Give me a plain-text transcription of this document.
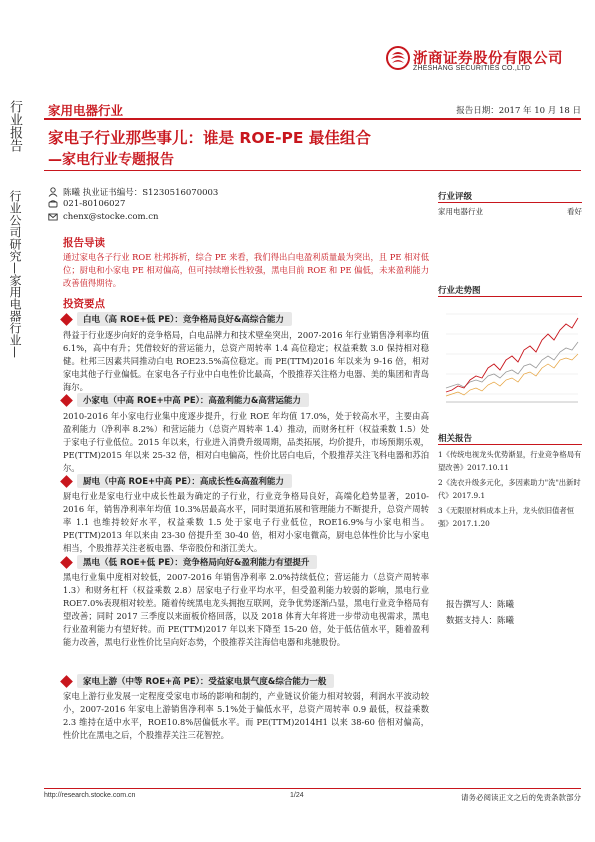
浙商证券股份有限公司
ZHESHANG SECURITIES CO.,LTD
行业报告
行业公司研究—家用电器行业—
家用电器行业	报告日期：2017 年 10 月 18 日
家电子行业那些事儿：谁是 ROE-PE 最佳组合
—家电行业专题报告
陈曦 执业证书编号：S1230516070003
021-80106027
chenx@stocke.com.cn
行业评级
家用电器行业	看好
行业走势图
相关报告
1《传统电视龙头优势渐显，行业竞争格局有望改善》2017.10.11
2《洗衣升级多元化，多因素助力"洗"出新时代》2017.9.1
3《无限原材料成本上升，龙头依旧值者恒强》2017.1.20
报告撰写人：陈曦
数据支持人：陈曦
报告导读
通过家电各子行业 ROE 杜邦拆析，综合 PE 来看，我们得出白电盈利质量最为突出，且 PE 相对低位；厨电和小家电 PE 相对偏高，但可持续增长性较强，黑电目前 ROE 和 PE 偏低，未来盈利能力改善值得期待。
投资要点
白电（高 ROE+低 PE）：竞争格局良好&高综合能力
得益于行业逐步向好的竞争格局，白电品牌力和技术壁垒突出，2007-2016 年行业销售净利率均值 6.1%，高中有升；凭借较好的营运能力，总资产周转率 1.4 高位稳定；权益乘数 3.0 保持相对稳健。杜邦三因素共同推动白电 ROE23.5%高位稳定。而 PE(TTM)2016 年以来为 9-16 倍，相对家电其他子行业偏低。在家电各子行业中白电性价比最高，个股推荐关注格力电器、美的集团和青岛海尔。
小家电（中高 ROE+中高 PE）：高盈利能力&高营运能力
2010-2016 年小家电行业集中度逐步提升，行业 ROE 年均值 17.0%，处于较高水平，主要由高盈利能力（净利率 8.2%）和营运能力（总资产周转率 1.4）推动，而财务杠杆（权益乘数 1.5）处于家电子行业低位。2015 年以来，行业进入消费升级周期，品类拓展，均价提升，市场预期乐观，PE(TTM)2015 年以来 25-32 倍，相对白电偏高，性价比居白电后，个股推荐关注飞科电器和苏泊尔。
厨电（中高 ROE+中高 PE）：高成长性&高盈利能力
厨电行业是家电行业中成长性最为确定的子行业，行业竞争格局良好，高端化趋势显著，2010-2016 年，销售净利率年均值 10.3%居最高水平，同时渠道拓展和管理能力不断提升，总资产周转率 1.1 也维持较好水平，权益乘数 1.5 处于家电子行业低位，ROE16.9%与小家电相当。PE(TTM)2013 年以来由 23-30 倍提升至 30-40 倍，相对小家电微高，厨电总体性价比与小家电相当，个股推荐关注老板电器、华帝股份和浙江美大。
黑电（低 ROE+低 PE）：竞争格局向好&盈利能力有望提升
黑电行业集中度相对较低，2007-2016 年销售净利率 2.0%持续低位；营运能力（总资产周转率 1.3）和财务杠杆（权益乘数 2.8）居家电子行业平均水平，但受盈利能力较弱的影响，黑电行业 ROE7.0%表现相对较差。随着传统黑电龙头拥抱互联网，竞争优势逐渐凸显，黑电行业竞争格局有望改善；同时 2017 三季度以来面板价格回落，以及 2018 体育大年将进一步带动电视需求，黑电行业盈利能力有望好转。而 PE(TTM)2017 年以来下降至 15-20 倍，处于低估值水平，随着盈利能力改善，黑电行业性价比呈向好态势，个股推荐关注海信电器和兆驰股份。
家电上游（中等 ROE+高 PE）：受益家电景气度&综合能力一般
家电上游行业发展一定程度受家电市场的影响和制约，产业链议价能力相对较弱，利润水平波动较小，2007-2016 年家电上游销售净利率 5.1%处于偏低水平，总资产周转率 0.9 最低，权益乘数 2.3 维持在适中水平，ROE10.8%居偏低水平。而 PE(TTM)2014H1 以来 38-60 倍相对偏高，性价比在黑电之后，个股推荐关注三花智控。
http://research.stocke.com.cn	1/24	请务必阅读正文之后的免责条款部分
